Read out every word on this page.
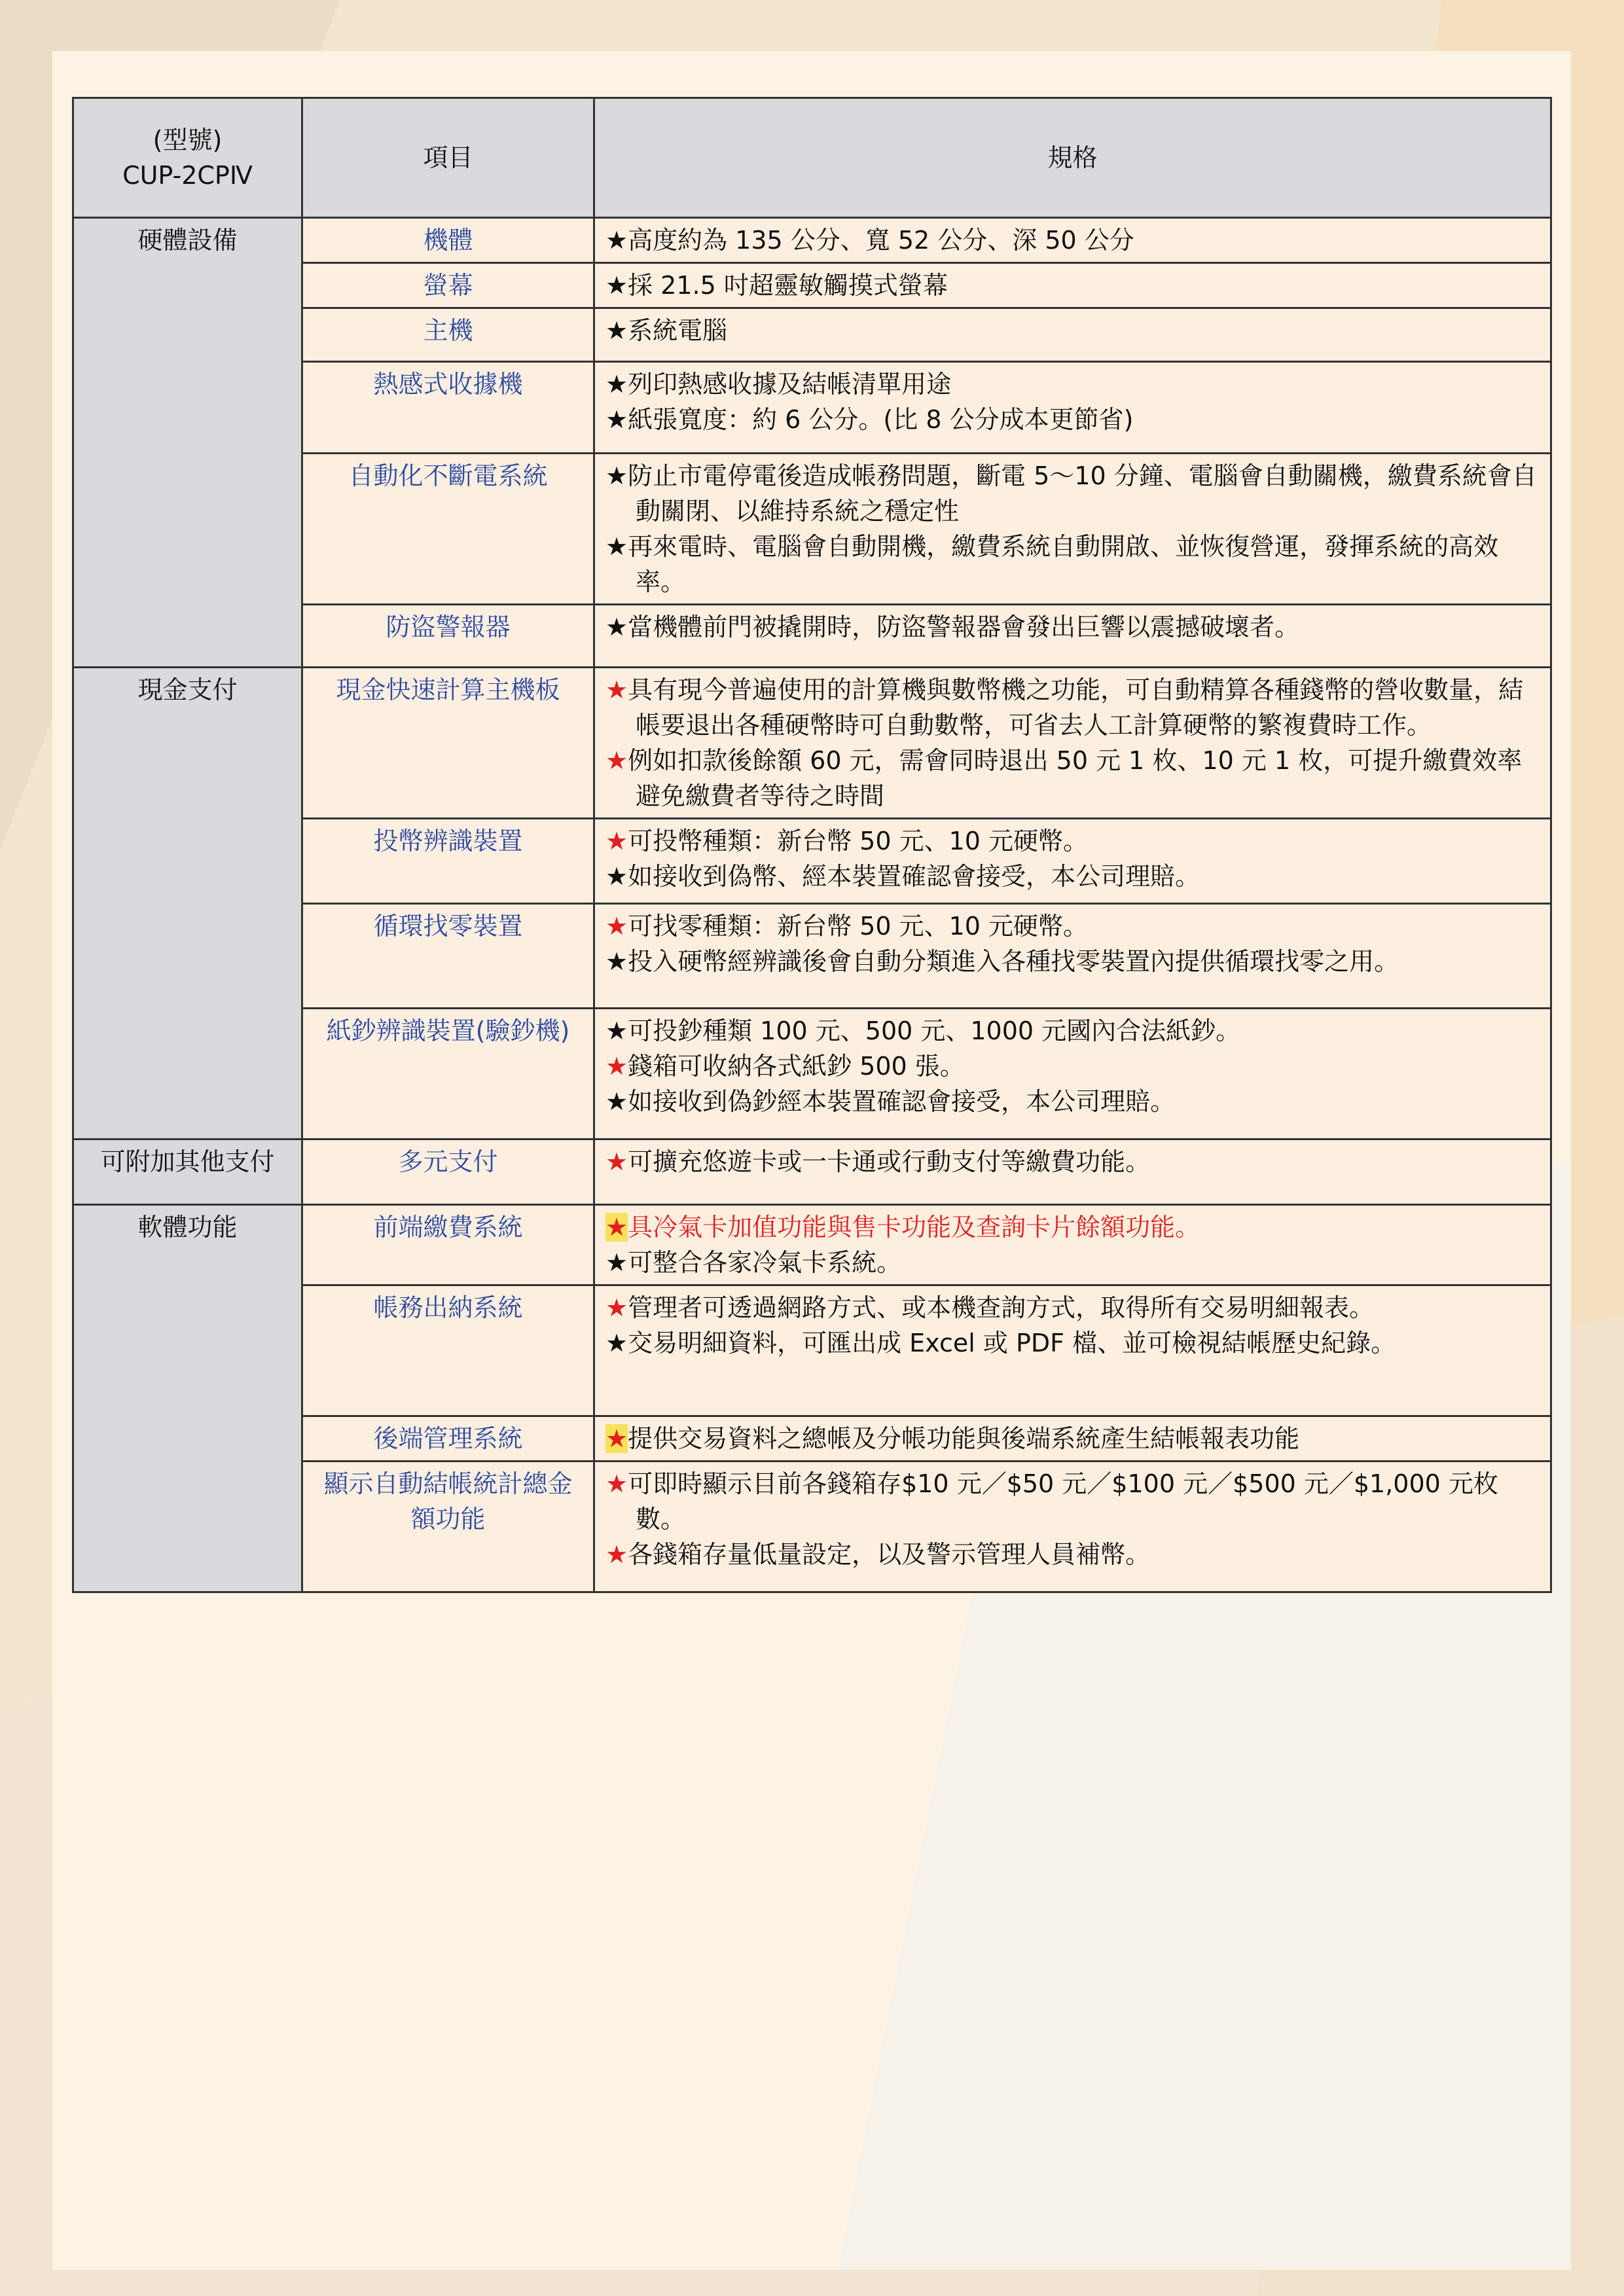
(型號)
CUP-2CPⅣ	項目	規格
硬體設備	機體	★高度約為 135 公分、寬 52 公分、深 50 公分

	螢幕	★採 21.5 吋超靈敏觸摸式螢幕

	主機	★系統電腦

	熱感式收據機	★列印熱感收據及結帳清單用途
★紙張寬度：約 6 公分。(比 8 公分成本更節省)

	自動化不斷電系統	★防止市電停電後造成帳務問題，斷電 5～10 分鐘、電腦會自動關機，繳費系統會自動關閉、以維持系統之穩定性
★再來電時、電腦會自動開機，繳費系統自動開啟、並恢復營運，發揮系統的高效率。

	防盜警報器	★當機體前門被撬開時，防盜警報器會發出巨響以震撼破壞者。

現金支付	現金快速計算主機板	★具有現今普遍使用的計算機與數幣機之功能，可自動精算各種錢幣的營收數量，結帳要退出各種硬幣時可自動數幣，可省去人工計算硬幣的繁複費時工作。
★例如扣款後餘額 60 元，需會同時退出 50 元 1 枚、10 元 1 枚，可提升繳費效率避免繳費者等待之時間

	投幣辨識裝置	★可投幣種類：新台幣 50 元、10 元硬幣。
★如接收到偽幣、經本裝置確認會接受，本公司理賠。

	循環找零裝置	★可找零種類：新台幣 50 元、10 元硬幣。
★投入硬幣經辨識後會自動分類進入各種找零裝置內提供循環找零之用。

	紙鈔辨識裝置(驗鈔機)	★可投鈔種類 100 元、500 元、1000 元國內合法紙鈔。
★錢箱可收納各式紙鈔 500 張。
★如接收到偽鈔經本裝置確認會接受，本公司理賠。

可附加其他支付	多元支付	★可擴充悠遊卡或一卡通或行動支付等繳費功能。

軟體功能	前端繳費系統	★具冷氣卡加值功能與售卡功能及查詢卡片餘額功能。
★可整合各家冷氣卡系統。

	帳務出納系統	★管理者可透過網路方式、或本機查詢方式，取得所有交易明細報表。
★交易明細資料，可匯出成 Excel 或 PDF 檔、並可檢視結帳歷史紀錄。

	後端管理系統	★提供交易資料之總帳及分帳功能與後端系統產生結帳報表功能

	顯示自動結帳統計總金額功能	★可即時顯示目前各錢箱存$10 元／$50 元／$100 元／$500 元／$1,000 元枚數。
★各錢箱存量低量設定，以及警示管理人員補幣。
